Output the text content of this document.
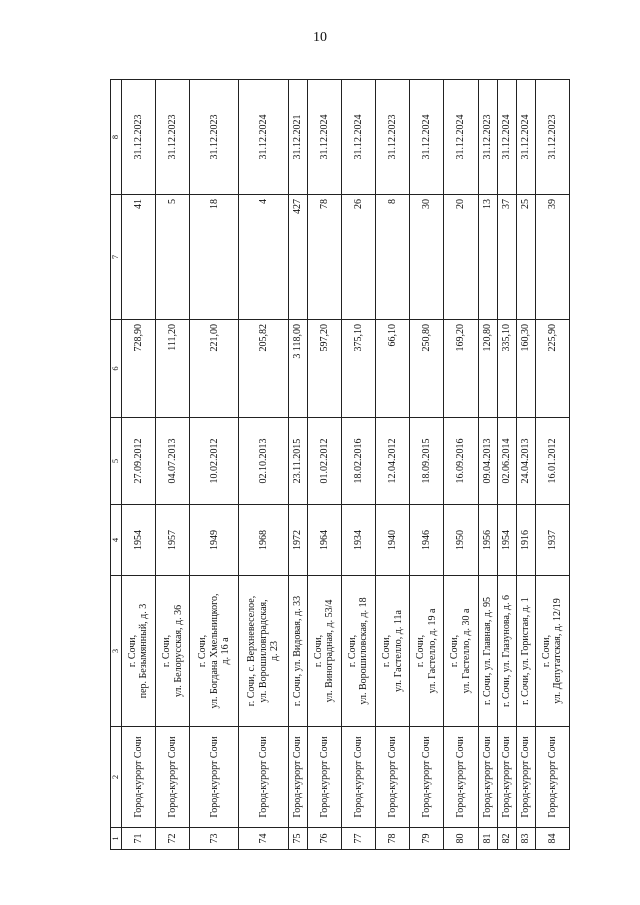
10
1	2	3	4	5	6	7	8
71	Город-курорт Сочи	г. Сочи, пер. Безымянный, д. 3	1954	27.09.2012	728,90	41	31.12.2023
72	Город-курорт Сочи	г. Сочи, ул. Белорусская, д. 36	1957	04.07.2013	111,20	5	31.12.2023
73	Город-курорт Сочи	г. Сочи, ул. Богдана Хмельницкого, д. 16 а	1949	10.02.2012	221,00	18	31.12.2023
74	Город-курорт Сочи	г. Сочи, с. Верхневеселое, ул. Ворошиловградская, д. 23	1968	02.10.2013	205,82	4	31.12.2024
75	Город-курорт Сочи	г. Сочи, ул. Видовая, д. 33	1972	23.11.2015	3 118,00	427	31.12.2021
76	Город-курорт Сочи	г. Сочи, ул. Виноградная, д. 53/4	1964	01.02.2012	597,20	78	31.12.2024
77	Город-курорт Сочи	г. Сочи, ул. Ворошиловская, д. 18	1934	18.02.2016	375,10	26	31.12.2024
78	Город-курорт Сочи	г. Сочи, ул. Гастелло, д. 11а	1940	12.04.2012	66,10	8	31.12.2023
79	Город-курорт Сочи	г. Сочи, ул. Гастелло, д. 19 а	1946	18.09.2015	250,80	30	31.12.2024
80	Город-курорт Сочи	г. Сочи, ул. Гастелло, д. 30 а	1950	16.09.2016	169,20	20	31.12.2024
81	Город-курорт Сочи	г. Сочи, ул. Главная, д. 95	1956	09.04.2013	120,80	13	31.12.2023
82	Город-курорт Сочи	г. Сочи, ул. Глазунова, д. 6	1954	02.06.2014	335,10	37	31.12.2024
83	Город-курорт Сочи	г. Сочи, ул. Гористая, д. 1	1916	24.04.2013	160,30	25	31.12.2024
84	Город-курорт Сочи	г. Сочи, ул. Депутатская, д. 12/19	1937	16.01.2012	225,90	39	31.12.2023
